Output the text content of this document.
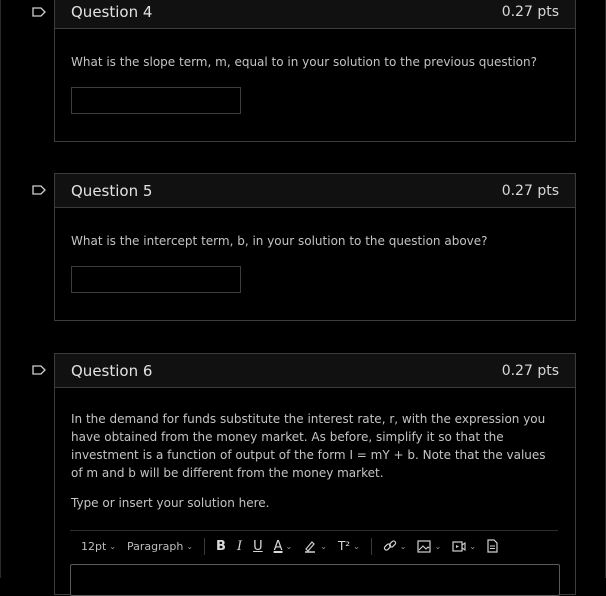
Question 4	0.27 pts

What is the slope term, m, equal to in your solution to the previous question?

Question 5	0.27 pts

What is the intercept term, b, in your solution to the question above?

Question 6	0.27 pts

In the demand for funds substitute the interest rate, r, with the expression you have obtained from the money market. As before, simplify it so that the investment is a function of output of the form I = mY + b. Note that the values of m and b will be different from the money market.

Type or insert your solution here.

12pt ⌄ Paragraph ⌄ B I U A ⌄	⌄ T² ⌄	⌄	⌄	⌄
